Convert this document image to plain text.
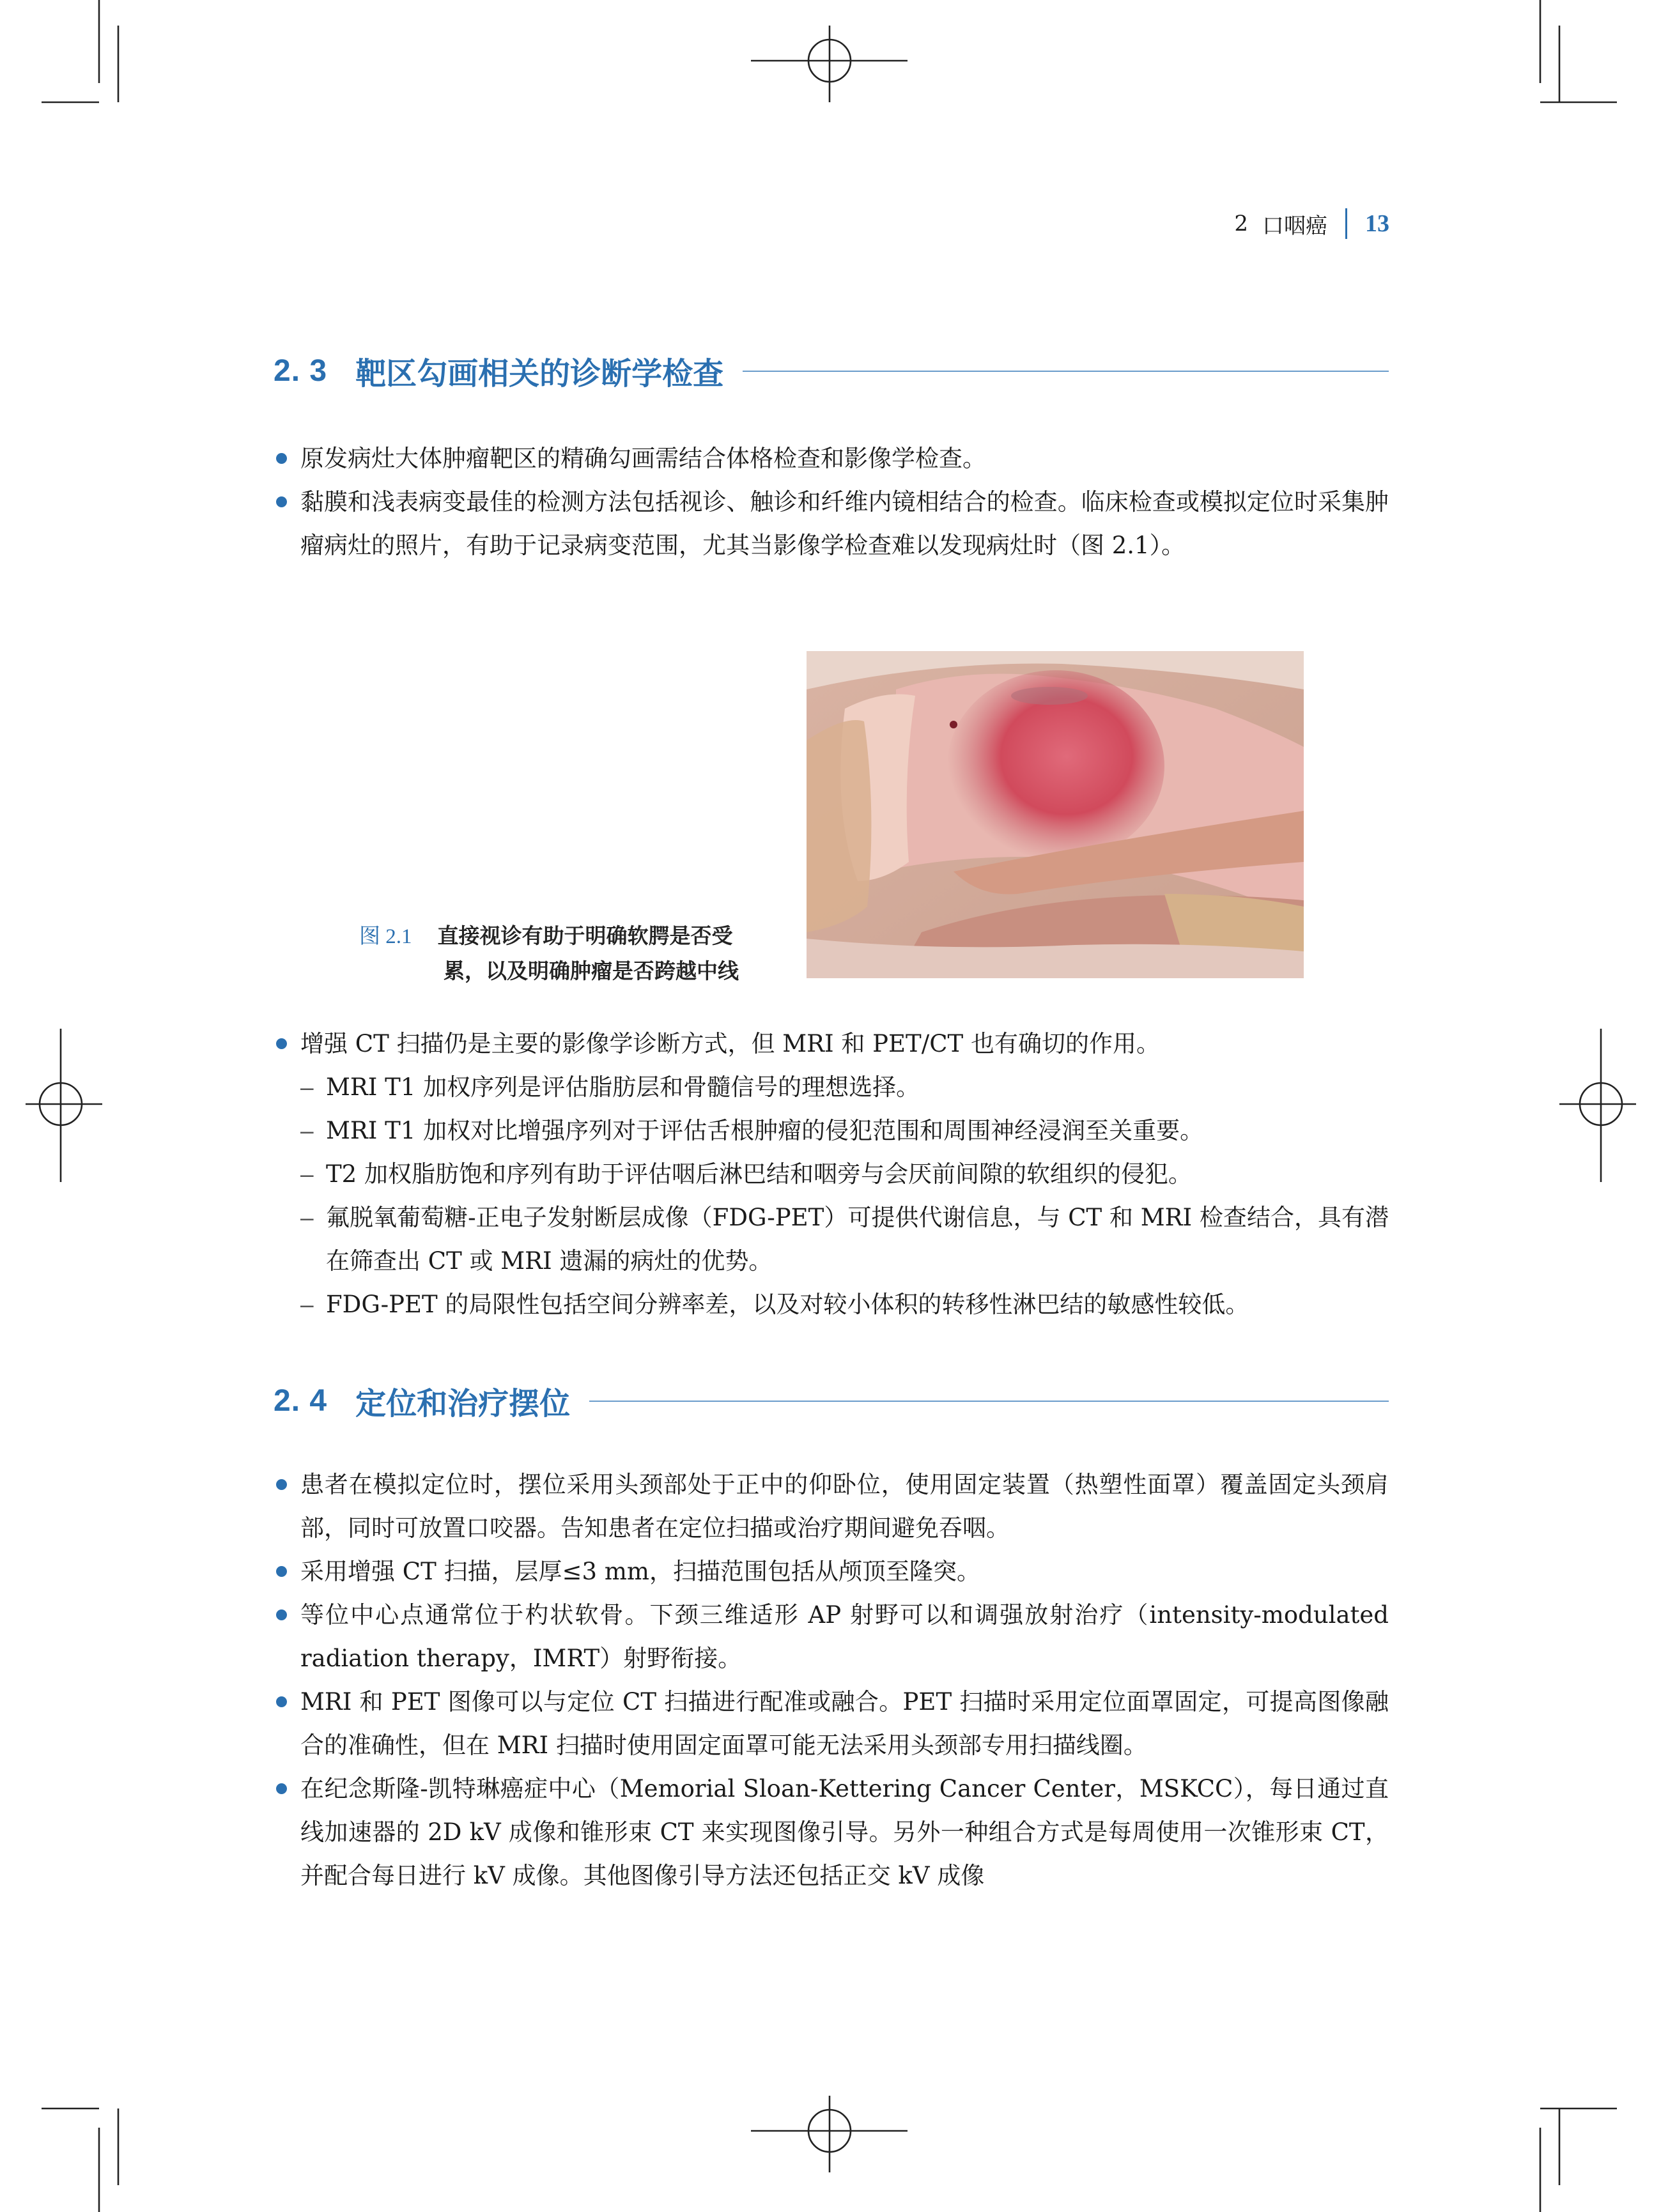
2 口咽癌 13
2. 3 靶区勾画相关的诊断学检查
原发病灶大体肿瘤靶区的精确勾画需结合体格检查和影像学检查。
黏膜和浅表病变最佳的检测方法包括视诊、触诊和纤维内镜相结合的检查。临床检查或模拟定位时采集肿瘤病灶的照片，有助于记录病变范围，尤其当影像学检查难以发现病灶时（图 2.1）。
图 2.1 直接视诊有助于明确软腭是否受
累，以及明确肿瘤是否跨越中线
增强 CT 扫描仍是主要的影像学诊断方式，但 MRI 和 PET/CT 也有确切的作用。
– MRI T1 加权序列是评估脂肪层和骨髓信号的理想选择。
– MRI T1 加权对比增强序列对于评估舌根肿瘤的侵犯范围和周围神经浸润至关重要。
– T2 加权脂肪饱和序列有助于评估咽后淋巴结和咽旁与会厌前间隙的软组织的侵犯。
– 氟脱氧葡萄糖-正电子发射断层成像（FDG-PET）可提供代谢信息，与 CT 和 MRI 检查结合，具有潜在筛查出 CT 或 MRI 遗漏的病灶的优势。
– FDG-PET 的局限性包括空间分辨率差，以及对较小体积的转移性淋巴结的敏感性较低。
2. 4 定位和治疗摆位
患者在模拟定位时，摆位采用头颈部处于正中的仰卧位，使用固定装置（热塑性面罩）覆盖固定头颈肩部，同时可放置口咬器。告知患者在定位扫描或治疗期间避免吞咽。
采用增强 CT 扫描，层厚≤3 mm，扫描范围包括从颅顶至隆突。
等位中心点通常位于杓状软骨。下颈三维适形 AP 射野可以和调强放射治疗（intensity-modulated radiation therapy，IMRT）射野衔接。
MRI 和 PET 图像可以与定位 CT 扫描进行配准或融合。PET 扫描时采用定位面罩固定，可提高图像融合的准确性，但在 MRI 扫描时使用固定面罩可能无法采用头颈部专用扫描线圈。
在纪念斯隆-凯特琳癌症中心（Memorial Sloan-Kettering Cancer Center，MSKCC），每日通过直线加速器的 2D kV 成像和锥形束 CT 来实现图像引导。另外一种组合方式是每周使用一次锥形束 CT，并配合每日进行 kV 成像。其他图像引导方法还包括正交 kV 成像
